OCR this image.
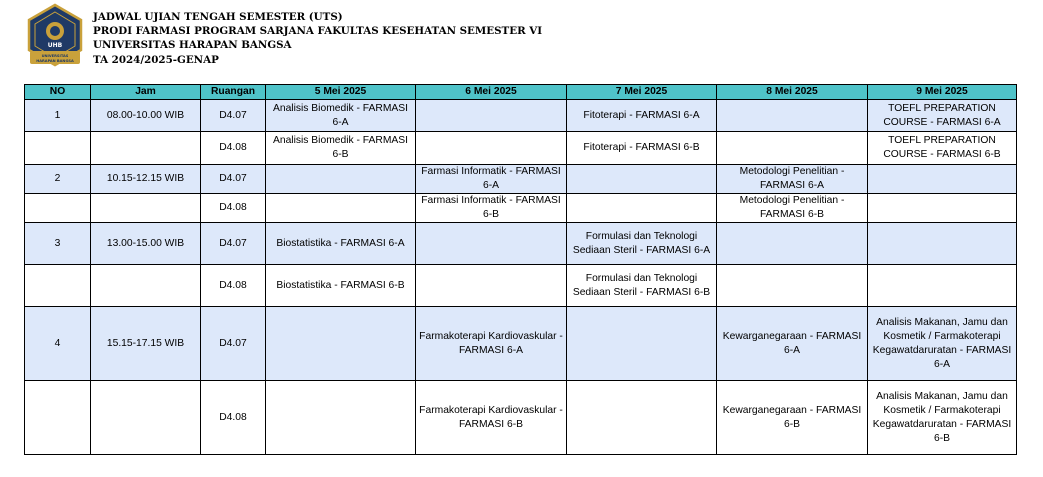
UHB
UNIVERSITAS
HARAPAN BANGSA
JADWAL UJIAN TENGAH SEMESTER (UTS)
PRODI FARMASI PROGRAM SARJANA FAKULTAS KESEHATAN SEMESTER VI
UNIVERSITAS HARAPAN BANGSA
TA 2024/2025-GENAP
NO	Jam	Ruangan	5 Mei 2025	6 Mei 2025	7 Mei 2025	8 Mei 2025	9 Mei 2025
1	08.00-10.00 WIB	D4.07	Analisis Biomedik - FARMASI 6-A		Fitoterapi - FARMASI 6-A		TOEFL PREPARATION COURSE - FARMASI 6-A
		D4.08	Analisis Biomedik - FARMASI 6-B		Fitoterapi - FARMASI 6-B		TOEFL PREPARATION COURSE - FARMASI 6-B
2	10.15-12.15 WIB	D4.07		Farmasi Informatik - FARMASI 6-A		Metodologi Penelitian - FARMASI 6-A	
		D4.08		Farmasi Informatik - FARMASI 6-B		Metodologi Penelitian - FARMASI 6-B	
3	13.00-15.00 WIB	D4.07	Biostatistika - FARMASI 6-A		Formulasi dan Teknologi Sediaan Steril - FARMASI 6-A		
		D4.08	Biostatistika - FARMASI 6-B		Formulasi dan Teknologi Sediaan Steril - FARMASI 6-B		
4	15.15-17.15 WIB	D4.07		Farmakoterapi Kardiovaskular - FARMASI 6-A		Kewarganegaraan - FARMASI 6-A	Analisis Makanan, Jamu dan Kosmetik / Farmakoterapi Kegawatdaruratan - FARMASI 6-A
		D4.08		Farmakoterapi Kardiovaskular - FARMASI 6-B		Kewarganegaraan - FARMASI 6-B	Analisis Makanan, Jamu dan Kosmetik / Farmakoterapi Kegawatdaruratan - FARMASI 6-B
